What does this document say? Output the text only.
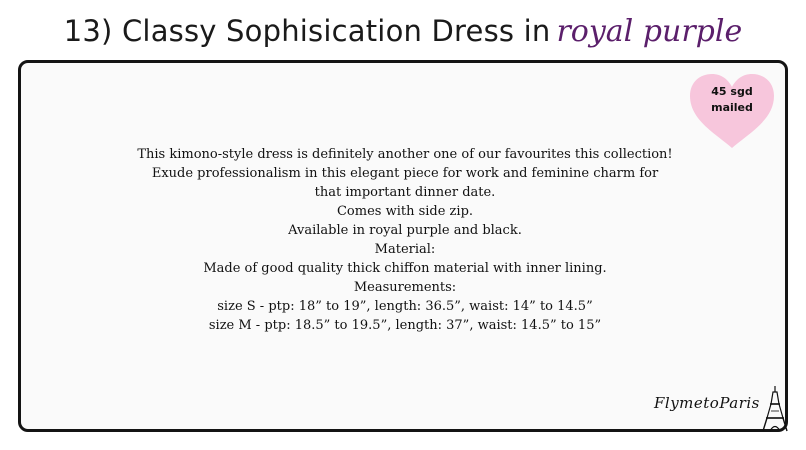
13) Classy Sophisication Dress in royal purple
45 sgd
mailed
This kimono-style dress is definitely another one of our favourites this collection!
Exude professionalism in this elegant piece for work and feminine charm for
that important dinner date.
Comes with side zip.
Available in royal purple and black.
Material:
Made of good quality thick chiffon material with inner lining.
Measurements:
size S - ptp: 18” to 19”, length: 36.5”, waist: 14” to 14.5”
size M - ptp: 18.5” to 19.5”, length: 37”, waist: 14.5” to 15”
FlymetoParis
